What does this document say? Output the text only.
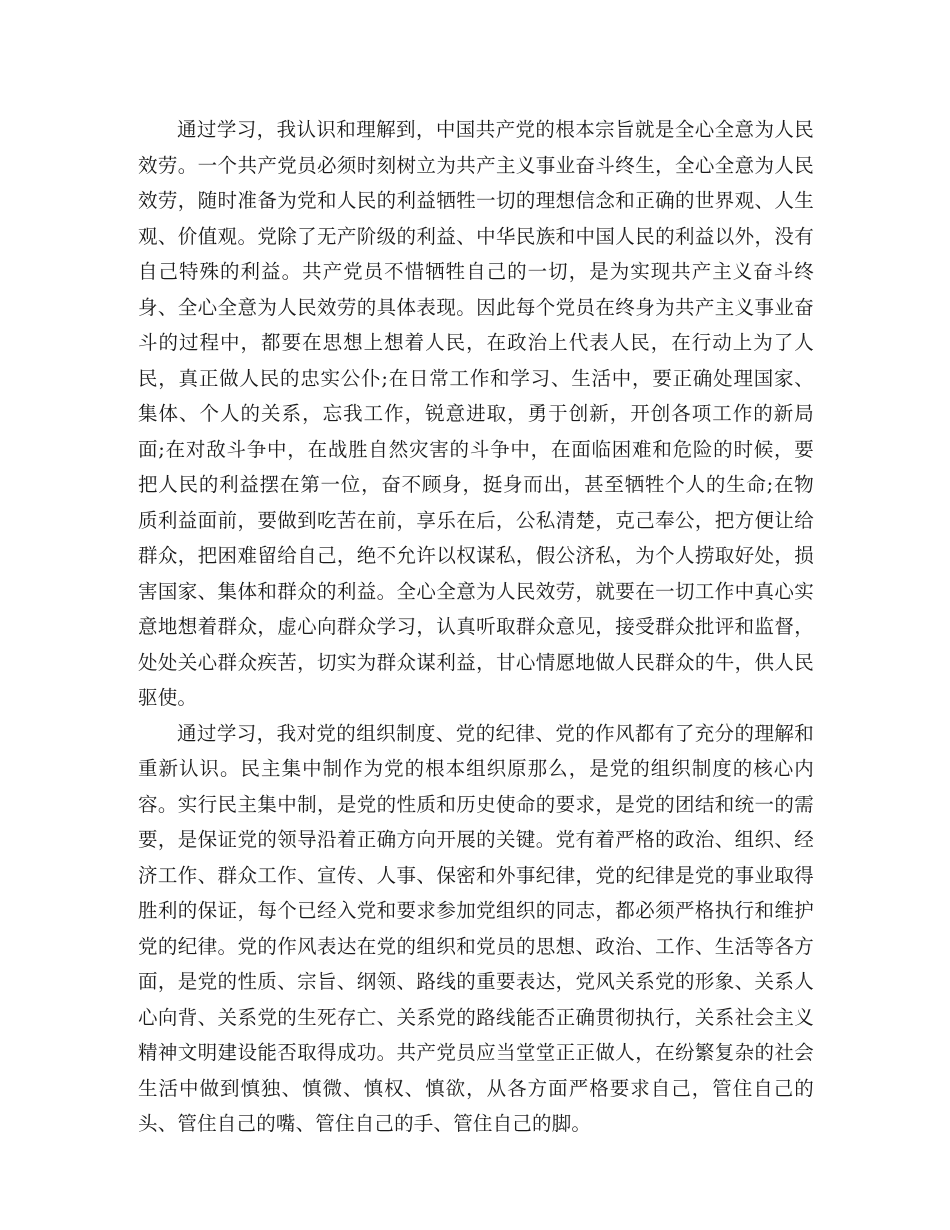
通过学习，我认识和理解到，中国共产党的根本宗旨就是全心全意为人民效劳。一个共产党员必须时刻树立为共产主义事业奋斗终生，全心全意为人民效劳，随时准备为党和人民的利益牺牲一切的理想信念和正确的世界观、人生观、价值观。党除了无产阶级的利益、中华民族和中国人民的利益以外，没有自己特殊的利益。共产党员不惜牺牲自己的一切，是为实现共产主义奋斗终身、全心全意为人民效劳的具体表现。因此每个党员在终身为共产主义事业奋斗的过程中，都要在思想上想着人民，在政治上代表人民，在行动上为了人民，真正做人民的忠实公仆;在日常工作和学习、生活中，要正确处理国家、集体、个人的关系，忘我工作，锐意进取，勇于创新，开创各项工作的新局面;在对敌斗争中，在战胜自然灾害的斗争中，在面临困难和危险的时候，要把人民的利益摆在第一位，奋不顾身，挺身而出，甚至牺牲个人的生命;在物质利益面前，要做到吃苦在前，享乐在后，公私清楚，克己奉公，把方便让给群众，把困难留给自己，绝不允许以权谋私，假公济私，为个人捞取好处，损害国家、集体和群众的利益。全心全意为人民效劳，就要在一切工作中真心实意地想着群众，虚心向群众学习，认真听取群众意见，接受群众批评和监督，处处关心群众疾苦，切实为群众谋利益，甘心情愿地做人民群众的牛，供人民驱使。

通过学习，我对党的组织制度、党的纪律、党的作风都有了充分的理解和重新认识。民主集中制作为党的根本组织原那么，是党的组织制度的核心内容。实行民主集中制，是党的性质和历史使命的要求，是党的团结和统一的需要，是保证党的领导沿着正确方向开展的关键。党有着严格的政治、组织、经济工作、群众工作、宣传、人事、保密和外事纪律，党的纪律是党的事业取得胜利的保证，每个已经入党和要求参加党组织的同志，都必须严格执行和维护党的纪律。党的作风表达在党的组织和党员的思想、政治、工作、生活等各方面，是党的性质、宗旨、纲领、路线的重要表达，党风关系党的形象、关系人心向背、关系党的生死存亡、关系党的路线能否正确贯彻执行，关系社会主义精神文明建设能否取得成功。共产党员应当堂堂正正做人，在纷繁复杂的社会生活中做到慎独、慎微、慎权、慎欲，从各方面严格要求自己，管住自己的头、管住自己的嘴、管住自己的手、管住自己的脚。
